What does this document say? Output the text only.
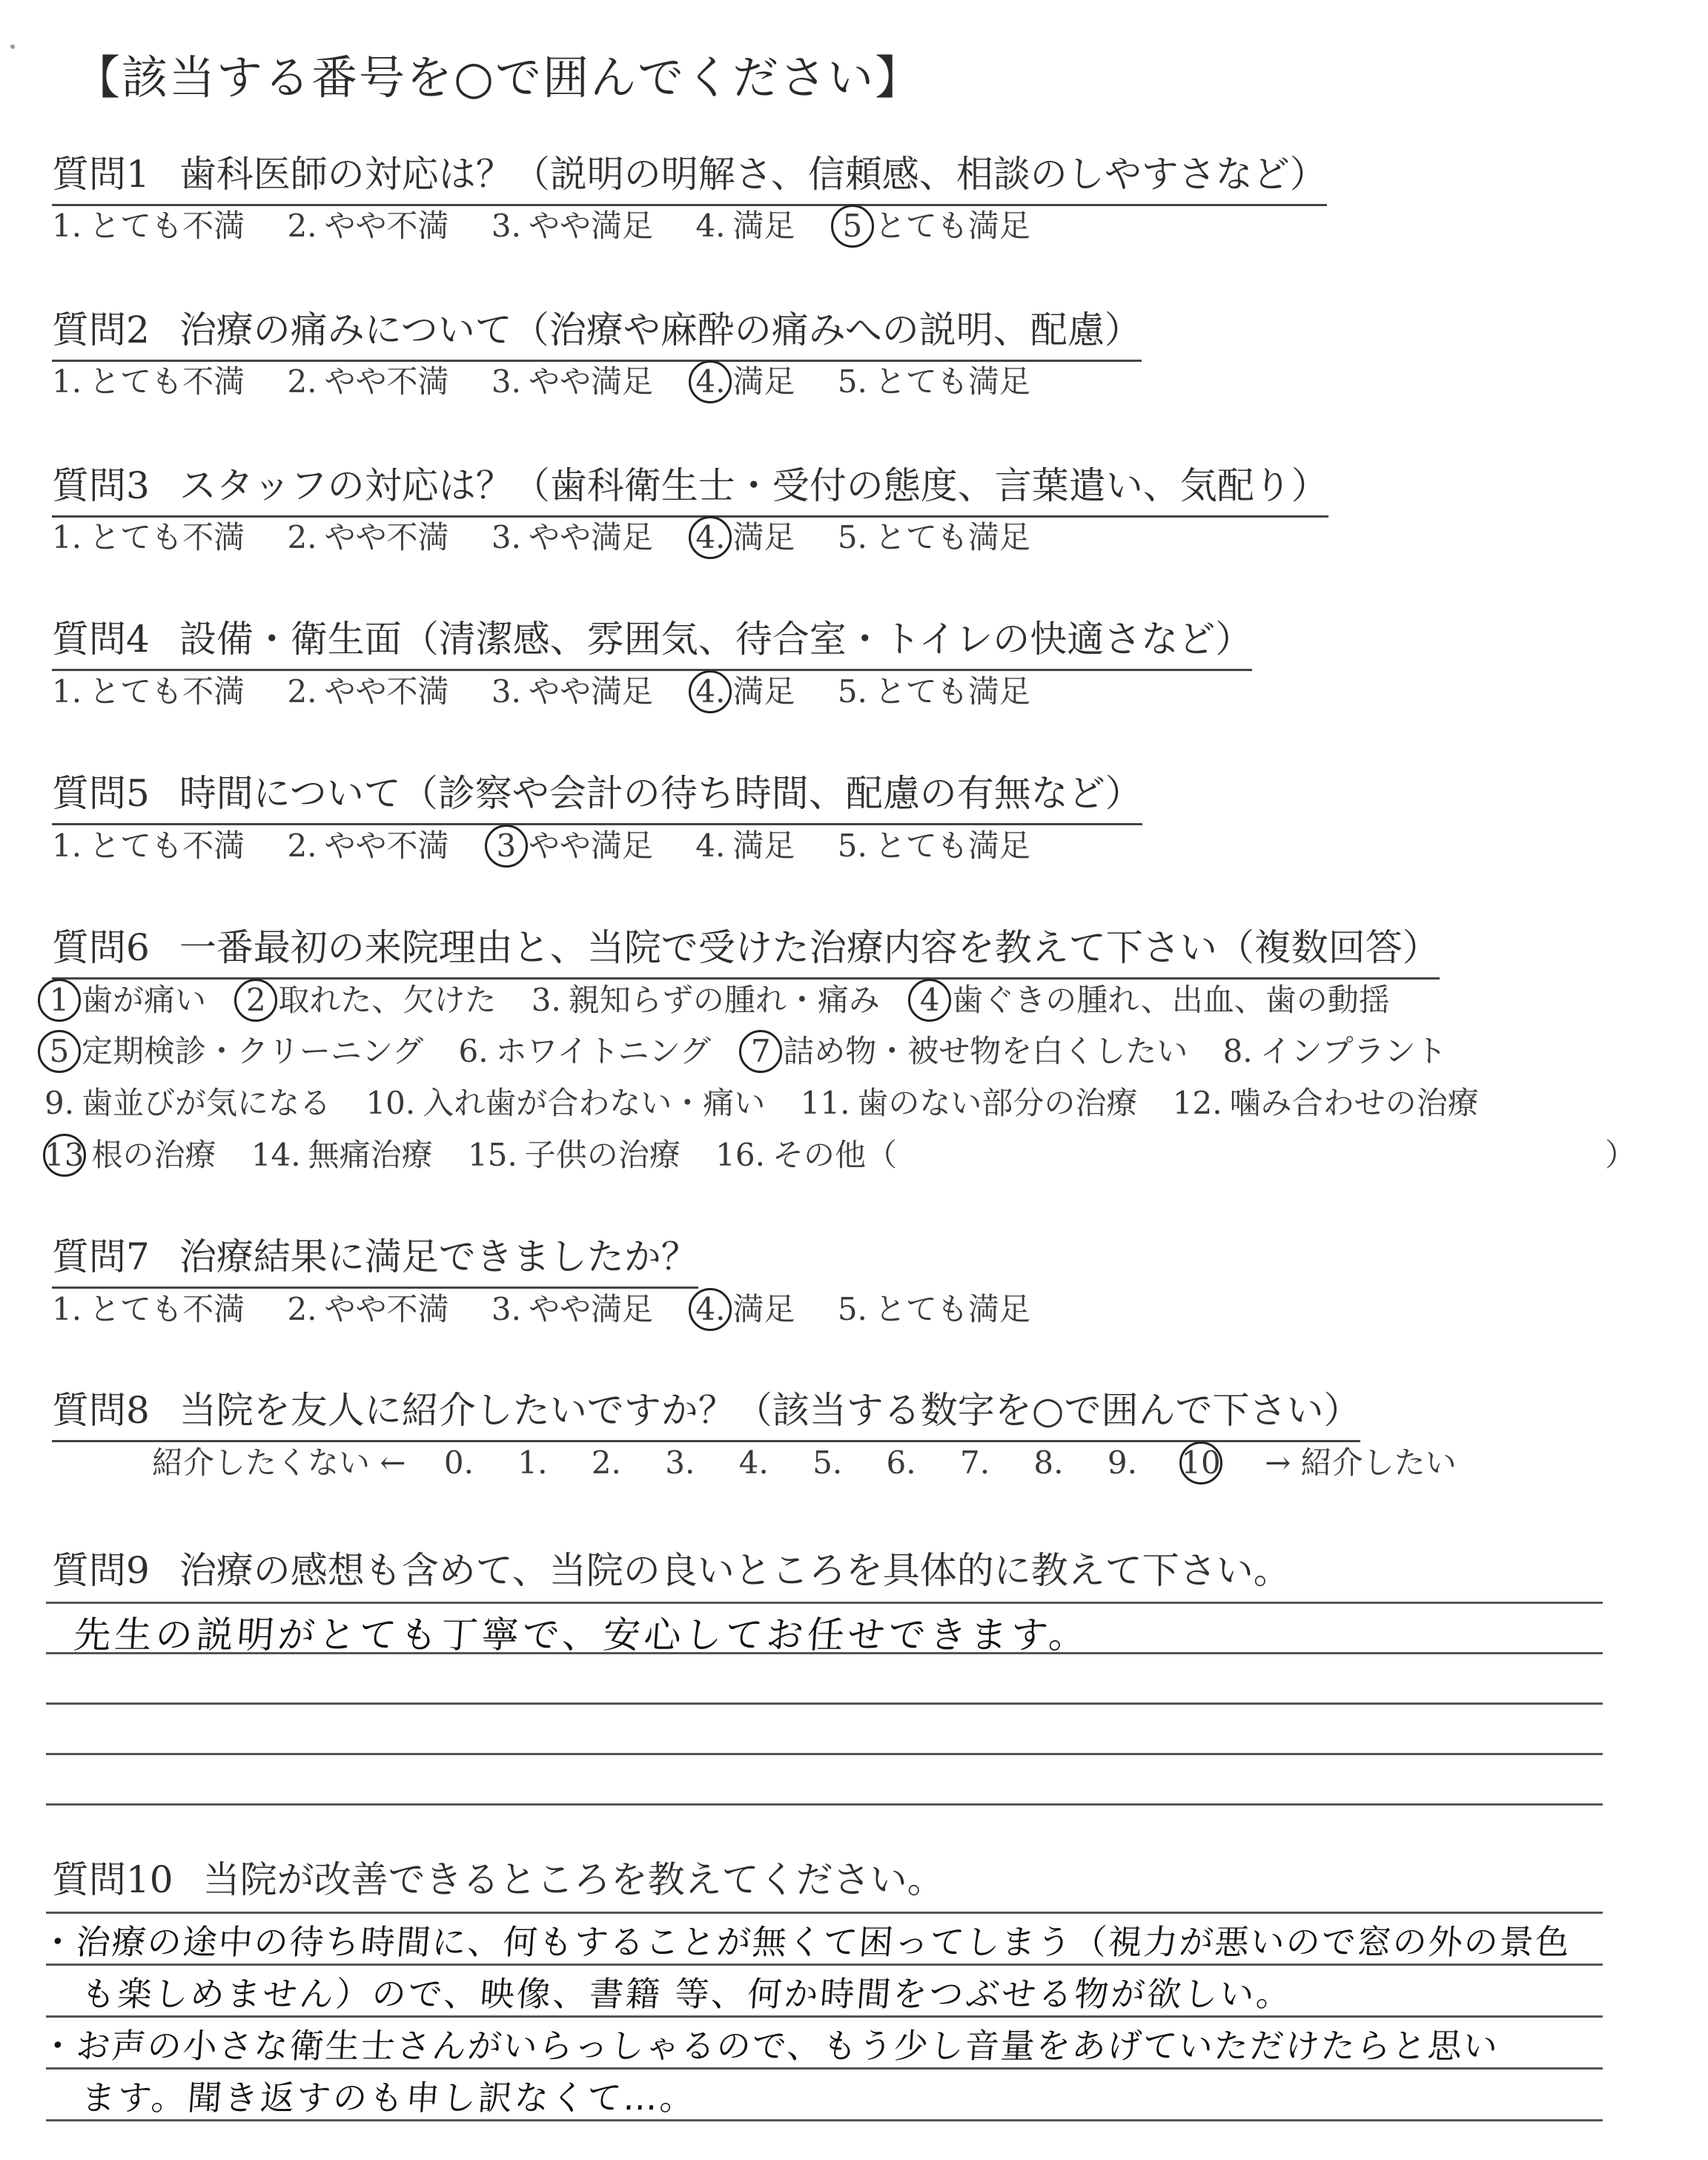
【該当する番号を○で囲んでください】
質問1 歯科医師の対応は？（説明の明解さ、信頼感、相談のしやすさなど）
1. とても不満 2. やや不満 3. やや満足 4. 満足 5 とても満足
質問2 治療の痛みについて（治療や麻酔の痛みへの説明、配慮）
1. とても不満 2. やや不満 3. やや満足 4. 満足 5. とても満足
質問3 スタッフの対応は？（歯科衛生士・受付の態度、言葉遣い、気配り）
1. とても不満 2. やや不満 3. やや満足 4. 満足 5. とても満足
質問4 設備・衛生面（清潔感、雰囲気、待合室・トイレの快適さなど）
1. とても不満 2. やや不満 3. やや満足 4. 満足 5. とても満足
質問5 時間について（診察や会計の待ち時間、配慮の有無など）
1. とても不満 2. やや不満 3 やや満足 4. 満足 5. とても満足
質問6 一番最初の来院理由と、当院で受けた治療内容を教えて下さい（複数回答）
1 歯が痛い 2 取れた、欠けた 3. 親知らずの腫れ・痛み 4 歯ぐきの腫れ、出血、歯の動揺
5 定期検診・クリーニング 6. ホワイトニング 7 詰め物・被せ物を白くしたい 8. インプラント
9. 歯並びが気になる 10. 入れ歯が合わない・痛い 11. 歯のない部分の治療 12. 噛み合わせの治療
13 根の治療 14. 無痛治療 15. 子供の治療 16. その他（	）
質問7 治療結果に満足できましたか？
1. とても不満 2. やや不満 3. やや満足 4. 満足 5. とても満足
質問8 当院を友人に紹介したいですか？（該当する数字を○で囲んで下さい）
紹介したくない ← 0. 1. 2. 3. 4. 5. 6. 7. 8. 9. 10 → 紹介したい
質問9 治療の感想も含めて、当院の良いところを具体的に教えて下さい。
先生の説明がとても丁寧で、安心してお任せできます。
質問10 当院が改善できるところを教えてください。
・治療の途中の待ち時間に、何もすることが無くて困ってしまう（視力が悪いので窓の外の景色
も楽しめません）ので、映像、書籍 等、何か時間をつぶせる物が欲しい。
・お声の小さな衛生士さんがいらっしゃるので、もう少し音量をあげていただけたらと思い
ます。聞き返すのも申し訳なくて…。
